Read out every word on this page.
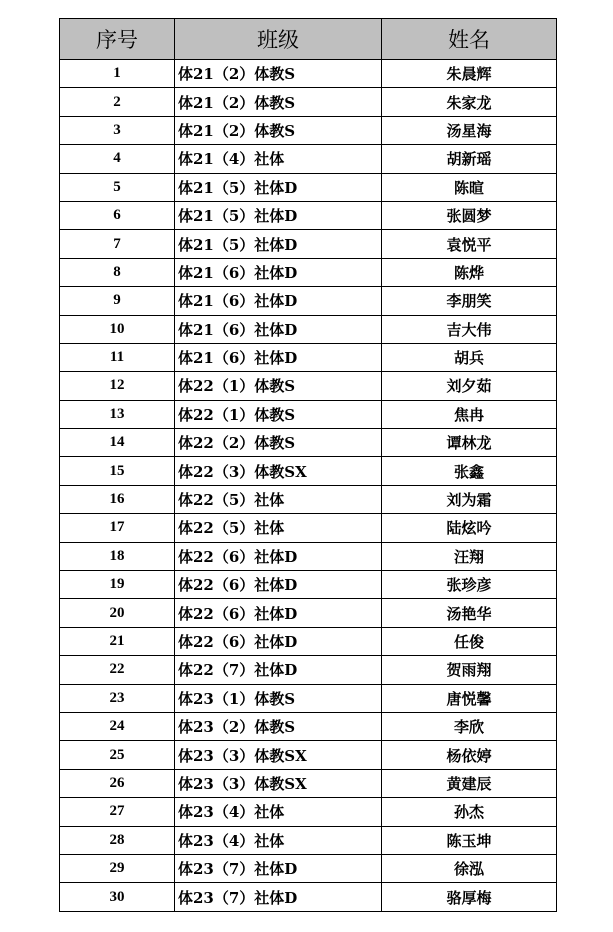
序号	班级	姓名
1	体21（2）体教S	朱晨辉
2	体21（2）体教S	朱家龙
3	体21（2）体教S	汤星海
4	体21（4）社体	胡新瑶
5	体21（5）社体D	陈暄
6	体21（5）社体D	张圆梦
7	体21（5）社体D	袁悦平
8	体21（6）社体D	陈烨
9	体21（6）社体D	李朋笑
10	体21（6）社体D	吉大伟
11	体21（6）社体D	胡兵
12	体22（1）体教S	刘夕茹
13	体22（1）体教S	焦冉
14	体22（2）体教S	谭林龙
15	体22（3）体教SX	张鑫
16	体22（5）社体	刘为霜
17	体22（5）社体	陆炫吟
18	体22（6）社体D	汪翔
19	体22（6）社体D	张珍彦
20	体22（6）社体D	汤艳华
21	体22（6）社体D	任俊
22	体22（7）社体D	贺雨翔
23	体23（1）体教S	唐悦馨
24	体23（2）体教S	李欣
25	体23（3）体教SX	杨依婷
26	体23（3）体教SX	黄建辰
27	体23（4）社体	孙杰
28	体23（4）社体	陈玉坤
29	体23（7）社体D	徐泓
30	体23（7）社体D	骆厚梅
